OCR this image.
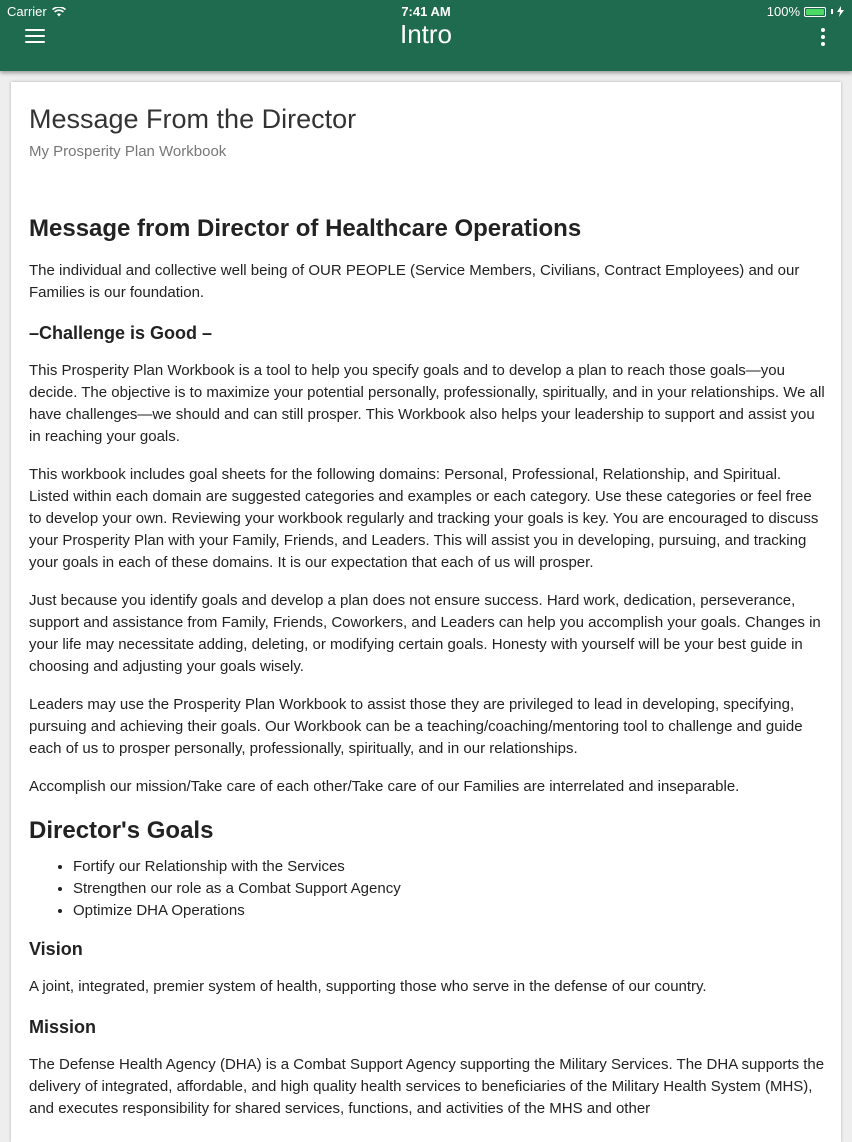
Carrier	7:41 AM	100%
Intro
Message From the Director
My Prosperity Plan Workbook
Message from Director of Healthcare Operations

The individual and collective well being of OUR PEOPLE (Service Members, Civilians, Contract Employees) and our Families is our foundation.

–Challenge is Good –

This Prosperity Plan Workbook is a tool to help you specify goals and to develop a plan to reach those goals—you decide. The objective is to maximize your potential personally, professionally, spiritually, and in your relationships. We all have challenges—we should and can still prosper. This Workbook also helps your leadership to support and assist you in reaching your goals.

This workbook includes goal sheets for the following domains: Personal, Professional, Relationship, and Spiritual. Listed within each domain are suggested categories and examples or each category. Use these categories or feel free to develop your own. Reviewing your workbook regularly and tracking your goals is key. You are encouraged to discuss your Prosperity Plan with your Family, Friends, and Leaders. This will assist you in developing, pursuing, and tracking your goals in each of these domains. It is our expectation that each of us will prosper.

Just because you identify goals and develop a plan does not ensure success. Hard work, dedication, perseverance, support and assistance from Family, Friends, Coworkers, and Leaders can help you accomplish your goals. Changes in your life may necessitate adding, deleting, or modifying certain goals. Honesty with yourself will be your best guide in choosing and adjusting your goals wisely.

Leaders may use the Prosperity Plan Workbook to assist those they are privileged to lead in developing, specifying, pursuing and achieving their goals. Our Workbook can be a teaching/coaching/mentoring tool to challenge and guide each of us to prosper personally, professionally, spiritually, and in our relationships.

Accomplish our mission/Take care of each other/Take care of our Families are interrelated and inseparable.

Director's Goals
• Fortify our Relationship with the Services
• Strengthen our role as a Combat Support Agency
• Optimize DHA Operations
Vision

A joint, integrated, premier system of health, supporting those who serve in the defense of our country.

Mission

The Defense Health Agency (DHA) is a Combat Support Agency supporting the Military Services. The DHA supports the delivery of integrated, affordable, and high quality health services to beneficiaries of the Military Health System (MHS), and executes responsibility for shared services, functions, and activities of the MHS and other
